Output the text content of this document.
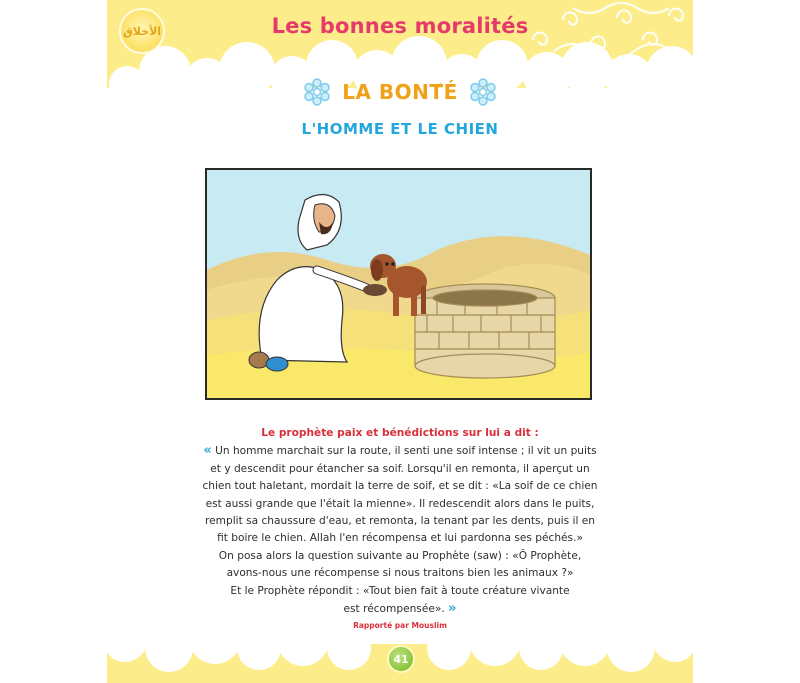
الأخلاق	Les bonnes moralités
LA BONTÉ
L'HOMME ET LE CHIEN
Le prophète paix et bénédictions sur lui a dit :
« Un homme marchait sur la route, il senti une soif intense ; il vit un puits
et y descendit pour étancher sa soif. Lorsqu'il en remonta, il aperçut un
chien tout haletant, mordait la terre de soif, et se dit : «La soif de ce chien
est aussi grande que l'était la mienne». Il redescendit alors dans le puits,
remplit sa chaussure d'eau, et remonta, la tenant par les dents, puis il en
fit boire le chien. Allah l'en récompensa et lui pardonna ses péchés.»
On posa alors la question suivante au Prophète (saw) : «Ô Prophète,
avons-nous une récompense si nous traitons bien les animaux ?»
Et le Prophète répondit : «Tout bien fait à toute créature vivante
est récompensée». »
Rapporté par Mouslim
41
